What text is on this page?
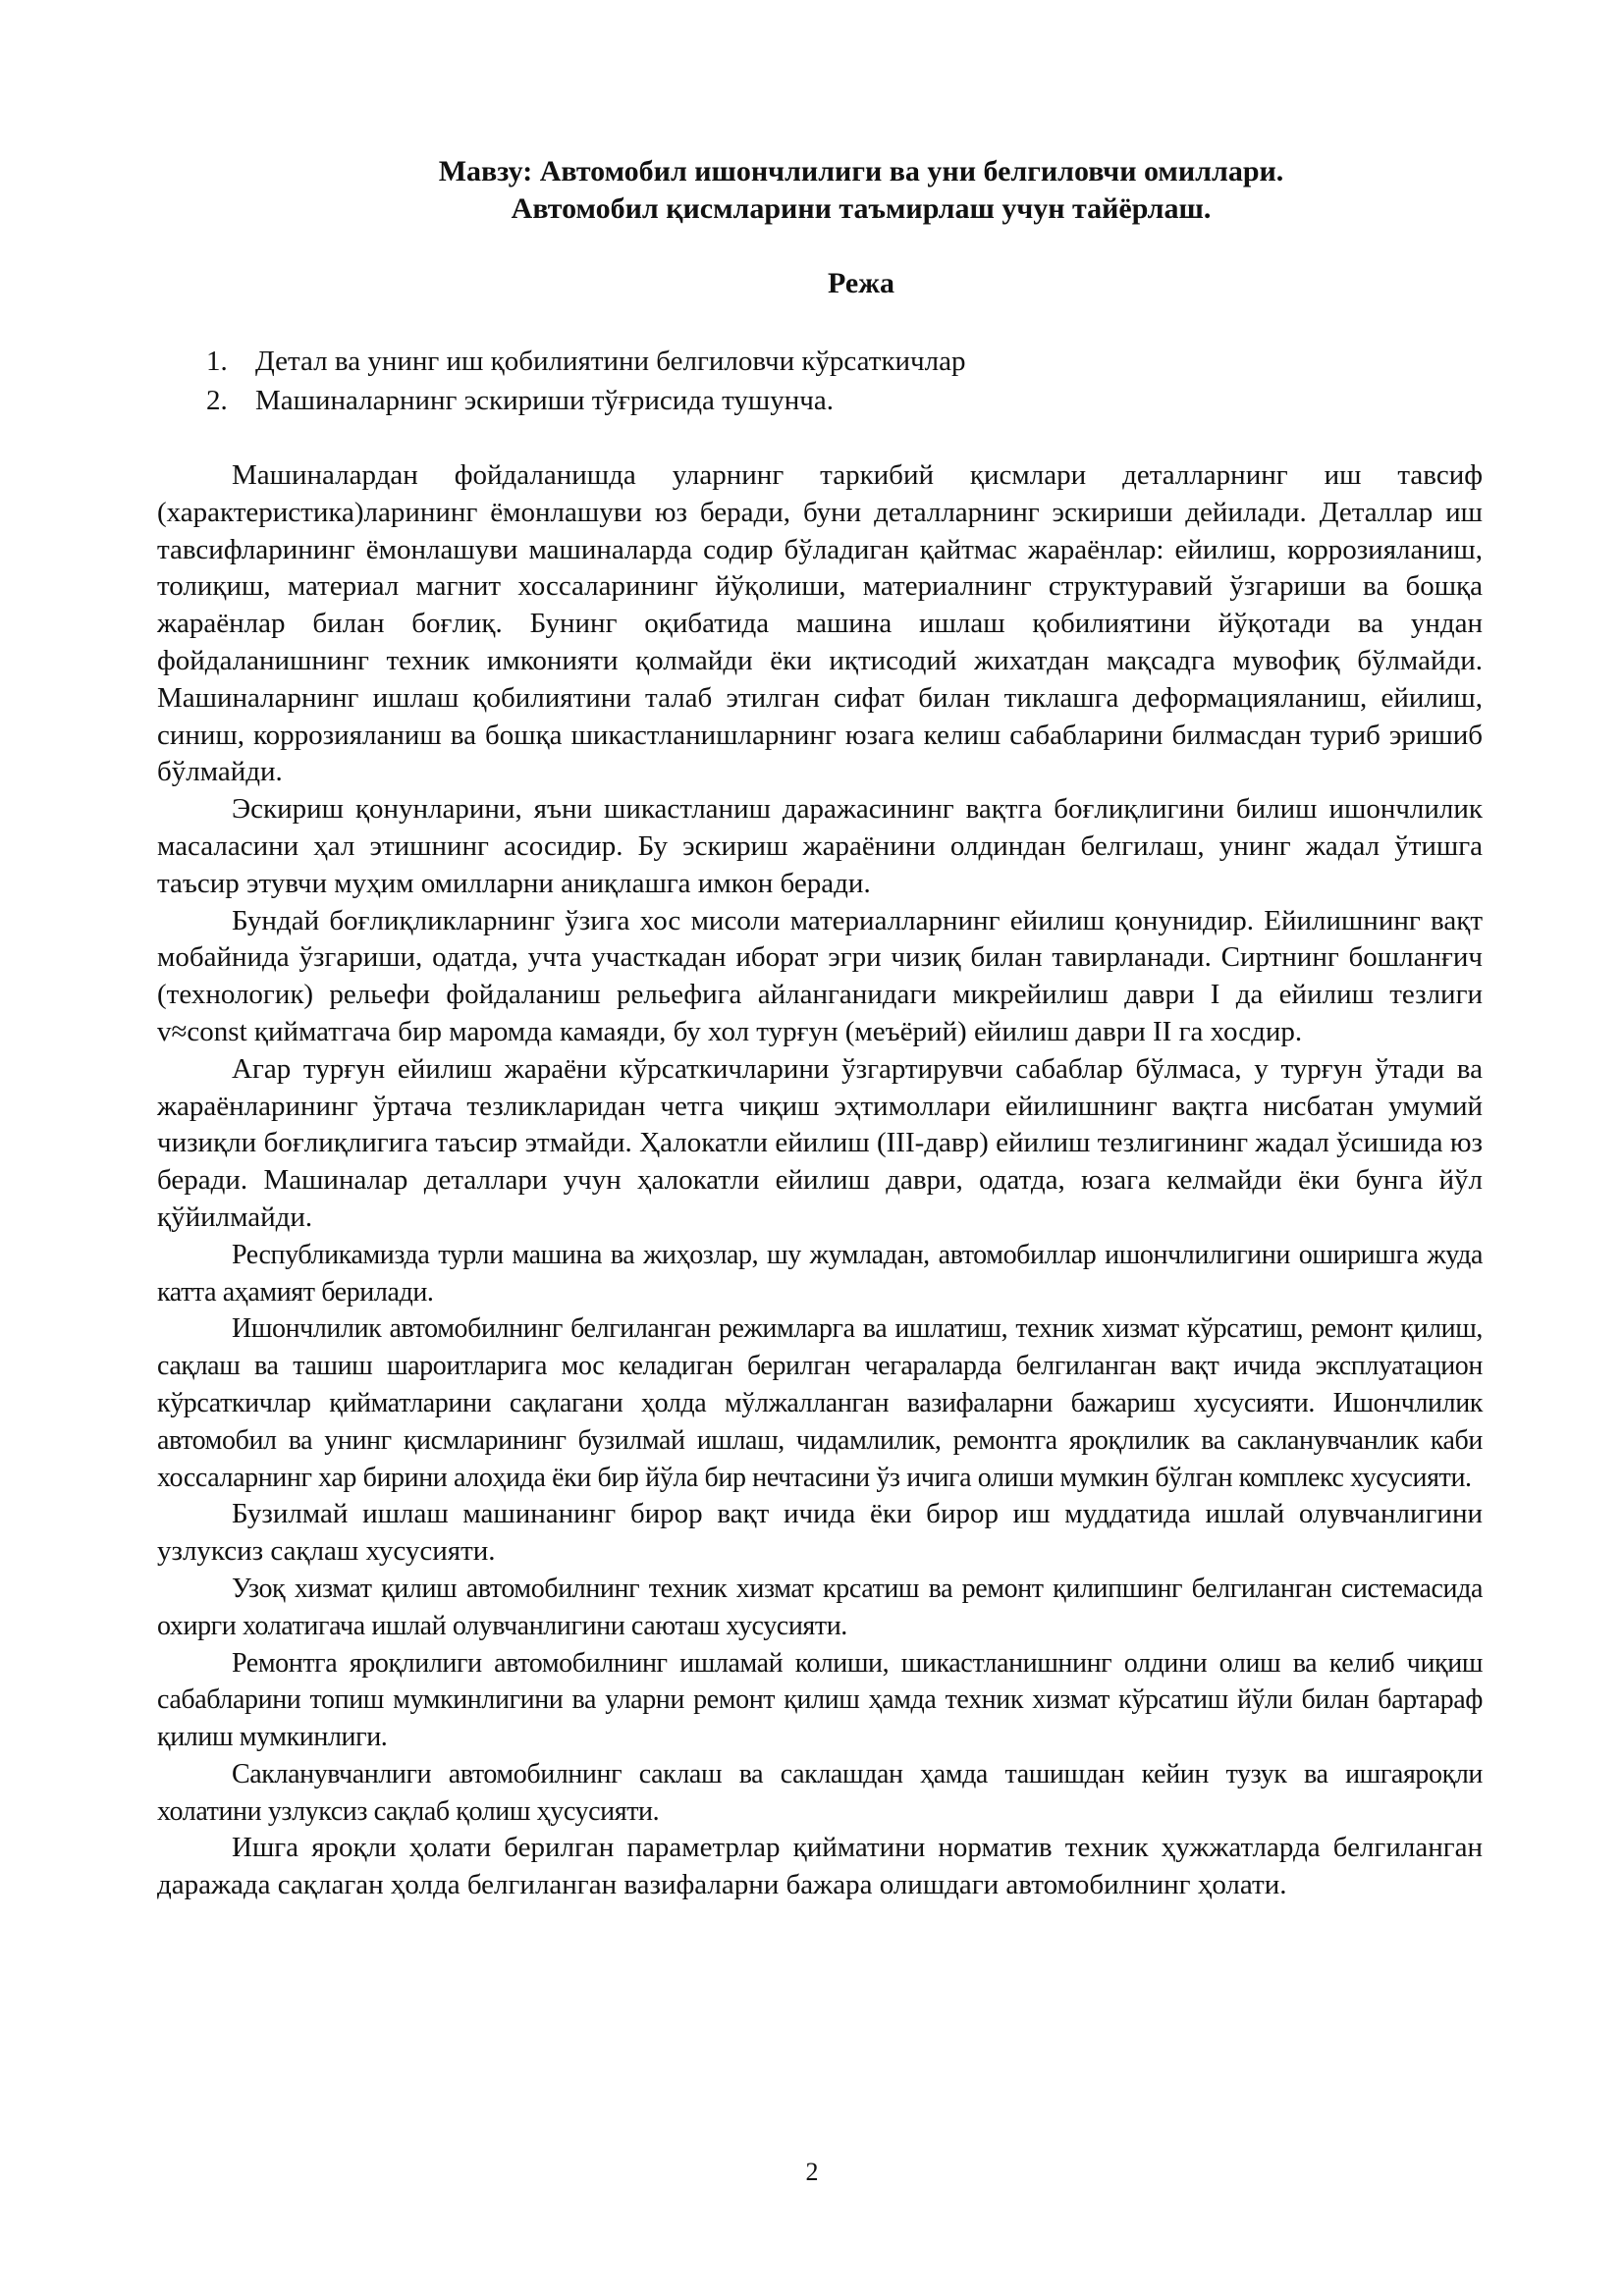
Мавзу: Автомобил ишончлилиги ва уни белгиловчи омиллари.
Автомобил қисмларини таъмирлаш учун тайёрлаш.
Режа
1. Детал ва унинг иш қобилиятини белгиловчи кўрсаткичлар
2. Машиналарнинг эскириши тўғрисида тушунча.

Машиналардан фойдаланишда уларнинг таркибий қисмлари деталларнинг иш тавсиф (характеристика)ларининг ёмонлашуви юз беради, буни деталларнинг эскириши дейилади. Деталлар иш тавсифларининг ёмонлашуви машиналарда содир бўладиган қайтмас жараёнлар: ейилиш, коррозияланиш, толиқиш, материал магнит хоссаларининг йўқолиши, материалнинг структуравий ўзгариши ва бошқа жараёнлар билан боғлиқ. Бунинг оқибатида машина ишлаш қобилиятини йўқотади ва ундан фойдаланишнинг техник имконияти қолмайди ёки иқтисодий жихатдан мақсадга мувофиқ бўлмайди. Машиналарнинг ишлаш қобилиятини талаб этилган сифат билан тиклашга деформацияланиш, ейилиш, синиш, коррозияланиш ва бошқа шикастланишларнинг юзага келиш сабабларини билмасдан туриб эришиб бўлмайди.

Эскириш қонунларини, яъни шикастланиш даражасининг вақтга боғлиқлигини билиш ишончлилик масаласини ҳал этишнинг асосидир. Бу эскириш жараёнини олдиндан белгилаш, унинг жадал ўтишга таъсир этувчи муҳим омилларни аниқлашга имкон беради.

Бундай боғлиқликларнинг ўзига хос мисоли материалларнинг ейилиш қонунидир. Ейилишнинг вақт мобайнида ўзгариши, одатда, учта участкадан иборат эгри чизиқ билан тавирланади. Сиртнинг бошланғич (технологик) рельефи фойдаланиш рельефига айланганидаги микрейилиш даври I да ейилиш тезлиги v≈const қийматгача бир маромда камаяди, бу хол турғун (меъёрий) ейилиш даври II га хосдир.

Агар турғун ейилиш жараёни кўрсаткичларини ўзгартирувчи сабаблар бўлмаса, у турғун ўтади ва жараёнларининг ўртача тезликларидан четга чиқиш эҳтимоллари ейилишнинг вақтга нисбатан умумий чизиқли боғлиқлигига таъсир этмайди. Ҳалокатли ейилиш (III-давр) ейилиш тезлигининг жадал ўсишида юз беради. Машиналар деталлари учун ҳалокатли ейилиш даври, одатда, юзага келмайди ёки бунга йўл қўйилмайди.

Республикамизда турли машина ва жиҳозлар, шу жумладан, автомобиллар ишончлилигини оширишга жуда катта аҳамият берилади.

Ишончлилик автомобилнинг белгиланган режимларга ва ишлатиш, техник хизмат кўрсатиш, ремонт қилиш, сақлаш ва ташиш шароитларига мос келадиган берилган чегараларда белгиланган вақт ичида эксплуатацион кўрсаткичлар қийматларини сақлагани ҳолда мўлжалланган вазифаларни бажариш хусусияти. Ишончлилик автомобил ва унинг қисмларининг бузилмай ишлаш, чидамлилик, ремонтга яроқлилик ва сакланувчанлик каби хоссаларнинг хар бирини алоҳида ёки бир йўла бир нечтасини ўз ичига олиши мумкин бўлган комплекс хусусияти.

Бузилмай ишлаш машинанинг бирор вақт ичида ёки бирор иш муддатида ишлай олувчанлигини узлуксиз сақлаш хусусияти.

Узоқ хизмат қилиш автомобилнинг техник хизмат крсатиш ва ремонт қилипшинг белгиланган системасида охирги холатигача ишлай олувчанлигини саюташ хусусияти.

Ремонтга яроқлилиги автомобилнинг ишламай колиши, шикастланишнинг олдини олиш ва келиб чиқиш сабабларини топиш мумкинлигини ва уларни ремонт қилиш ҳамда техник хизмат кўрсатиш йўли билан бартараф қилиш мумкинлиги.

Сакланувчанлиги автомобилнинг саклаш ва саклашдан ҳамда ташишдан кейин тузук ва ишгаяроқли холатини узлуксиз сақлаб қолиш ҳусусияти.

Ишга яроқли ҳолати берилган параметрлар қийматини норматив техник ҳужжатларда белгиланган даражада сақлаган ҳолда белгиланган вазифаларни бажара олишдаги автомобилнинг ҳолати.

2
